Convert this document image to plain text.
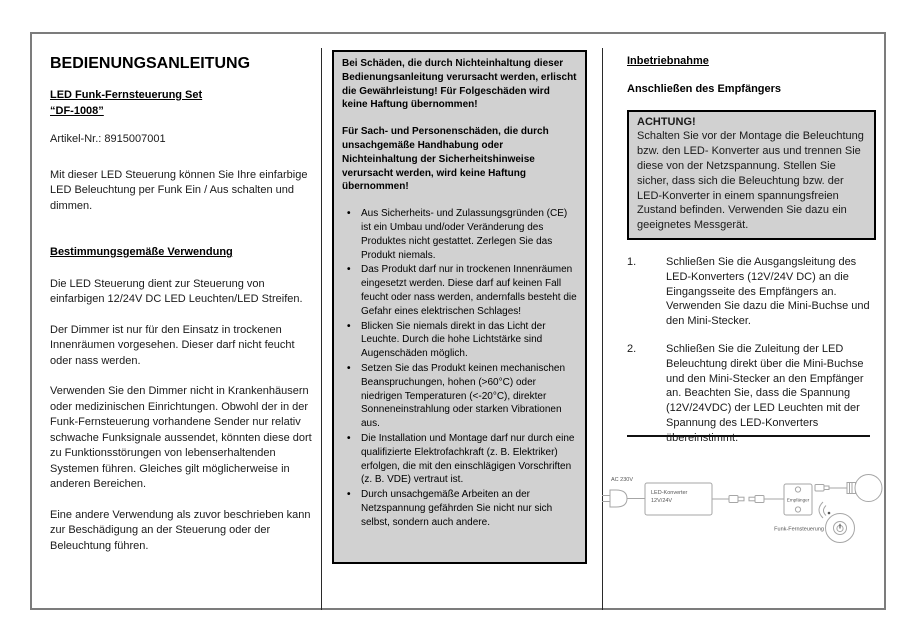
BEDIENUNGSANLEITUNG
LED Funk-Fernsteuerung Set
“DF-1008”

Artikel-Nr.: 8915007001

Mit dieser LED Steuerung können Sie Ihre einfarbige LED Beleuchtung per Funk Ein / Aus schalten und dimmen.

Bestimmungsgemäße Verwendung

Die LED Steuerung dient zur Steuerung von einfarbigen 12/24V DC LED Leuchten/LED Streifen.

Der Dimmer ist nur für den Einsatz in trockenen Innenräumen vorgesehen. Dieser darf nicht feucht oder nass werden.

Verwenden Sie den Dimmer nicht in Krankenhäusern oder medizinischen Einrichtungen. Obwohl der in der Funk-Fernsteuerung vorhandene Sender nur relativ schwache Funksignale aussendet, könnten diese dort zu Funktionsstörungen von lebenserhaltenden Systemen führen. Gleiches gilt möglicherweise in anderen Bereichen.

Eine andere Verwendung als zuvor beschrieben kann zur Beschädigung an der Steuerung oder der Beleuchtung führen.

Bei Schäden, die durch Nichteinhaltung dieser Bedienungsanleitung verursacht werden, erlischt die Gewährleistung! Für Folgeschäden wird keine Haftung übernommen!

Für Sach- und Personenschäden, die durch unsachgemäße Handhabung oder Nichteinhaltung der Sicherheitshinweise verursacht werden, wird keine Haftung übernommen!

• Aus Sicherheits- und Zulassungsgründen (CE) ist ein Umbau und/oder Veränderung des Produktes nicht gestattet. Zerlegen Sie das Produkt niemals.
• Das Produkt darf nur in trockenen Innenräumen eingesetzt werden. Diese darf auf keinen Fall feucht oder nass werden, andernfalls besteht die Gefahr eines elektrischen Schlages!
• Blicken Sie niemals direkt in das Licht der Leuchte. Durch die hohe Lichtstärke sind Augenschäden möglich.
• Setzen Sie das Produkt keinen mechanischen Beanspruchungen, hohen (>60°C) oder niedrigen Temperaturen (<-20°C), direkter Sonneneinstrahlung oder starken Vibrationen aus.
• Die Installation und Montage darf nur durch eine qualifizierte Elektrofachkraft (z. B. Elektriker) erfolgen, die mit den einschlägigen Vorschriften (z. B. VDE) vertraut ist.
• Durch unsachgemäße Arbeiten an der Netzspannung gefährden Sie nicht nur sich selbst, sondern auch andere.
Inbetriebnahme
Anschließen des Empfängers
ACHTUNG!
Schalten Sie vor der Montage die Beleuchtung bzw. den LED- Konverter aus und trennen Sie diese von der Netzspannung. Stellen Sie sicher, dass sich die Beleuchtung bzw. der LED-Konverter in einem spannungsfreien Zustand befinden. Verwenden Sie dazu ein geeignetes Messgerät.
1.	Schließen Sie die Ausgangsleitung des LED-Konverters (12V/24V DC) an die Eingangsseite des Empfängers an. Verwenden Sie dazu die Mini-Buchse und den Mini-Stecker.
2.	Schließen Sie die Zuleitung der LED Beleuchtung direkt über die Mini-Buchse und den Mini-Stecker an den Empfänger an. Beachten Sie, dass die Spannung (12V/24VDC) der LED Leuchten mit der Spannung des LED-Konverters übereinstimmt.
AC 230V
LED-Konverter
12V/24V	Empfänger
Funk-Fernsteuerung
